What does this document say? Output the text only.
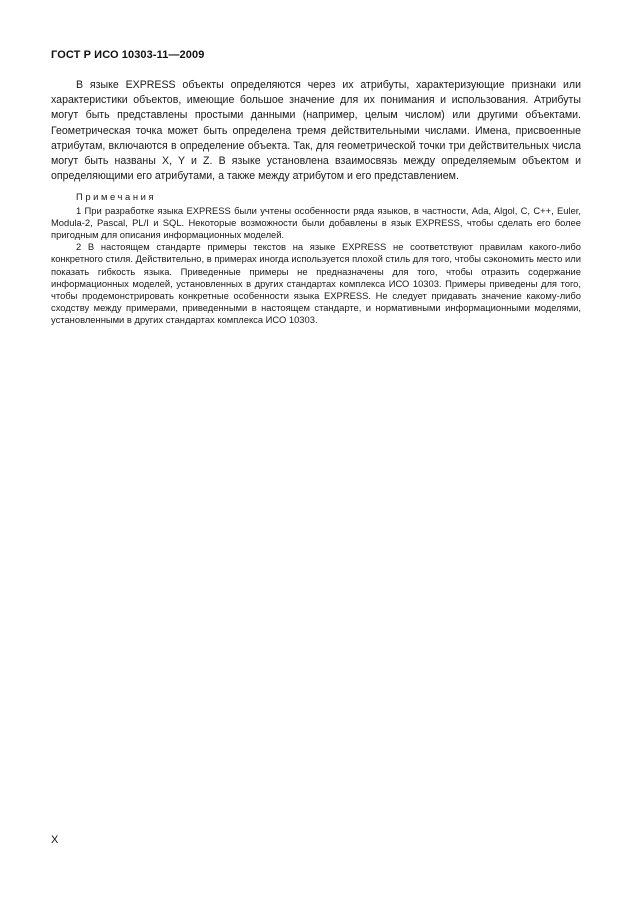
ГОСТ Р ИСО 10303-11—2009

В языке EXPRESS объекты определяются через их атрибуты, характеризующие признаки или характеристики объектов, имеющие большое значение для их понимания и использования. Атрибуты могут быть представлены простыми данными (например, целым числом) или другими объектами. Геометрическая точка может быть определена тремя действительными числами. Имена, присвоенные атрибутам, включаются в определение объекта. Так, для геометрической точки три действительных числа могут быть названы X, Y и Z. В языке установлена взаимосвязь между определяемым объектом и определяющими его атрибутами, а также между атрибутом и его представлением.

Примечания

1 При разработке языка EXPRESS были учтены особенности ряда языков, в частности, Ada, Algol, C, C++, Euler, Modula-2, Pascal, PL/I и SQL. Некоторые возможности были добавлены в язык EXPRESS, чтобы сделать его более пригодным для описания информационных моделей.

2 В настоящем стандарте примеры текстов на языке EXPRESS не соответствуют правилам какого-либо конкретного стиля. Действительно, в примерах иногда используется плохой стиль для того, чтобы сэкономить место или показать гибкость языка. Приведенные примеры не предназначены для того, чтобы отразить содержание информационных моделей, установленных в других стандартах комплекса ИСО 10303. Примеры приведены для того, чтобы продемонстрировать конкретные особенности языка EXPRESS. Не следует придавать значение какому-либо сходству между примерами, приведенными в настоящем стандарте, и нормативными информационными моделями, установленными в других стандартах комплекса ИСО 10303.

X
